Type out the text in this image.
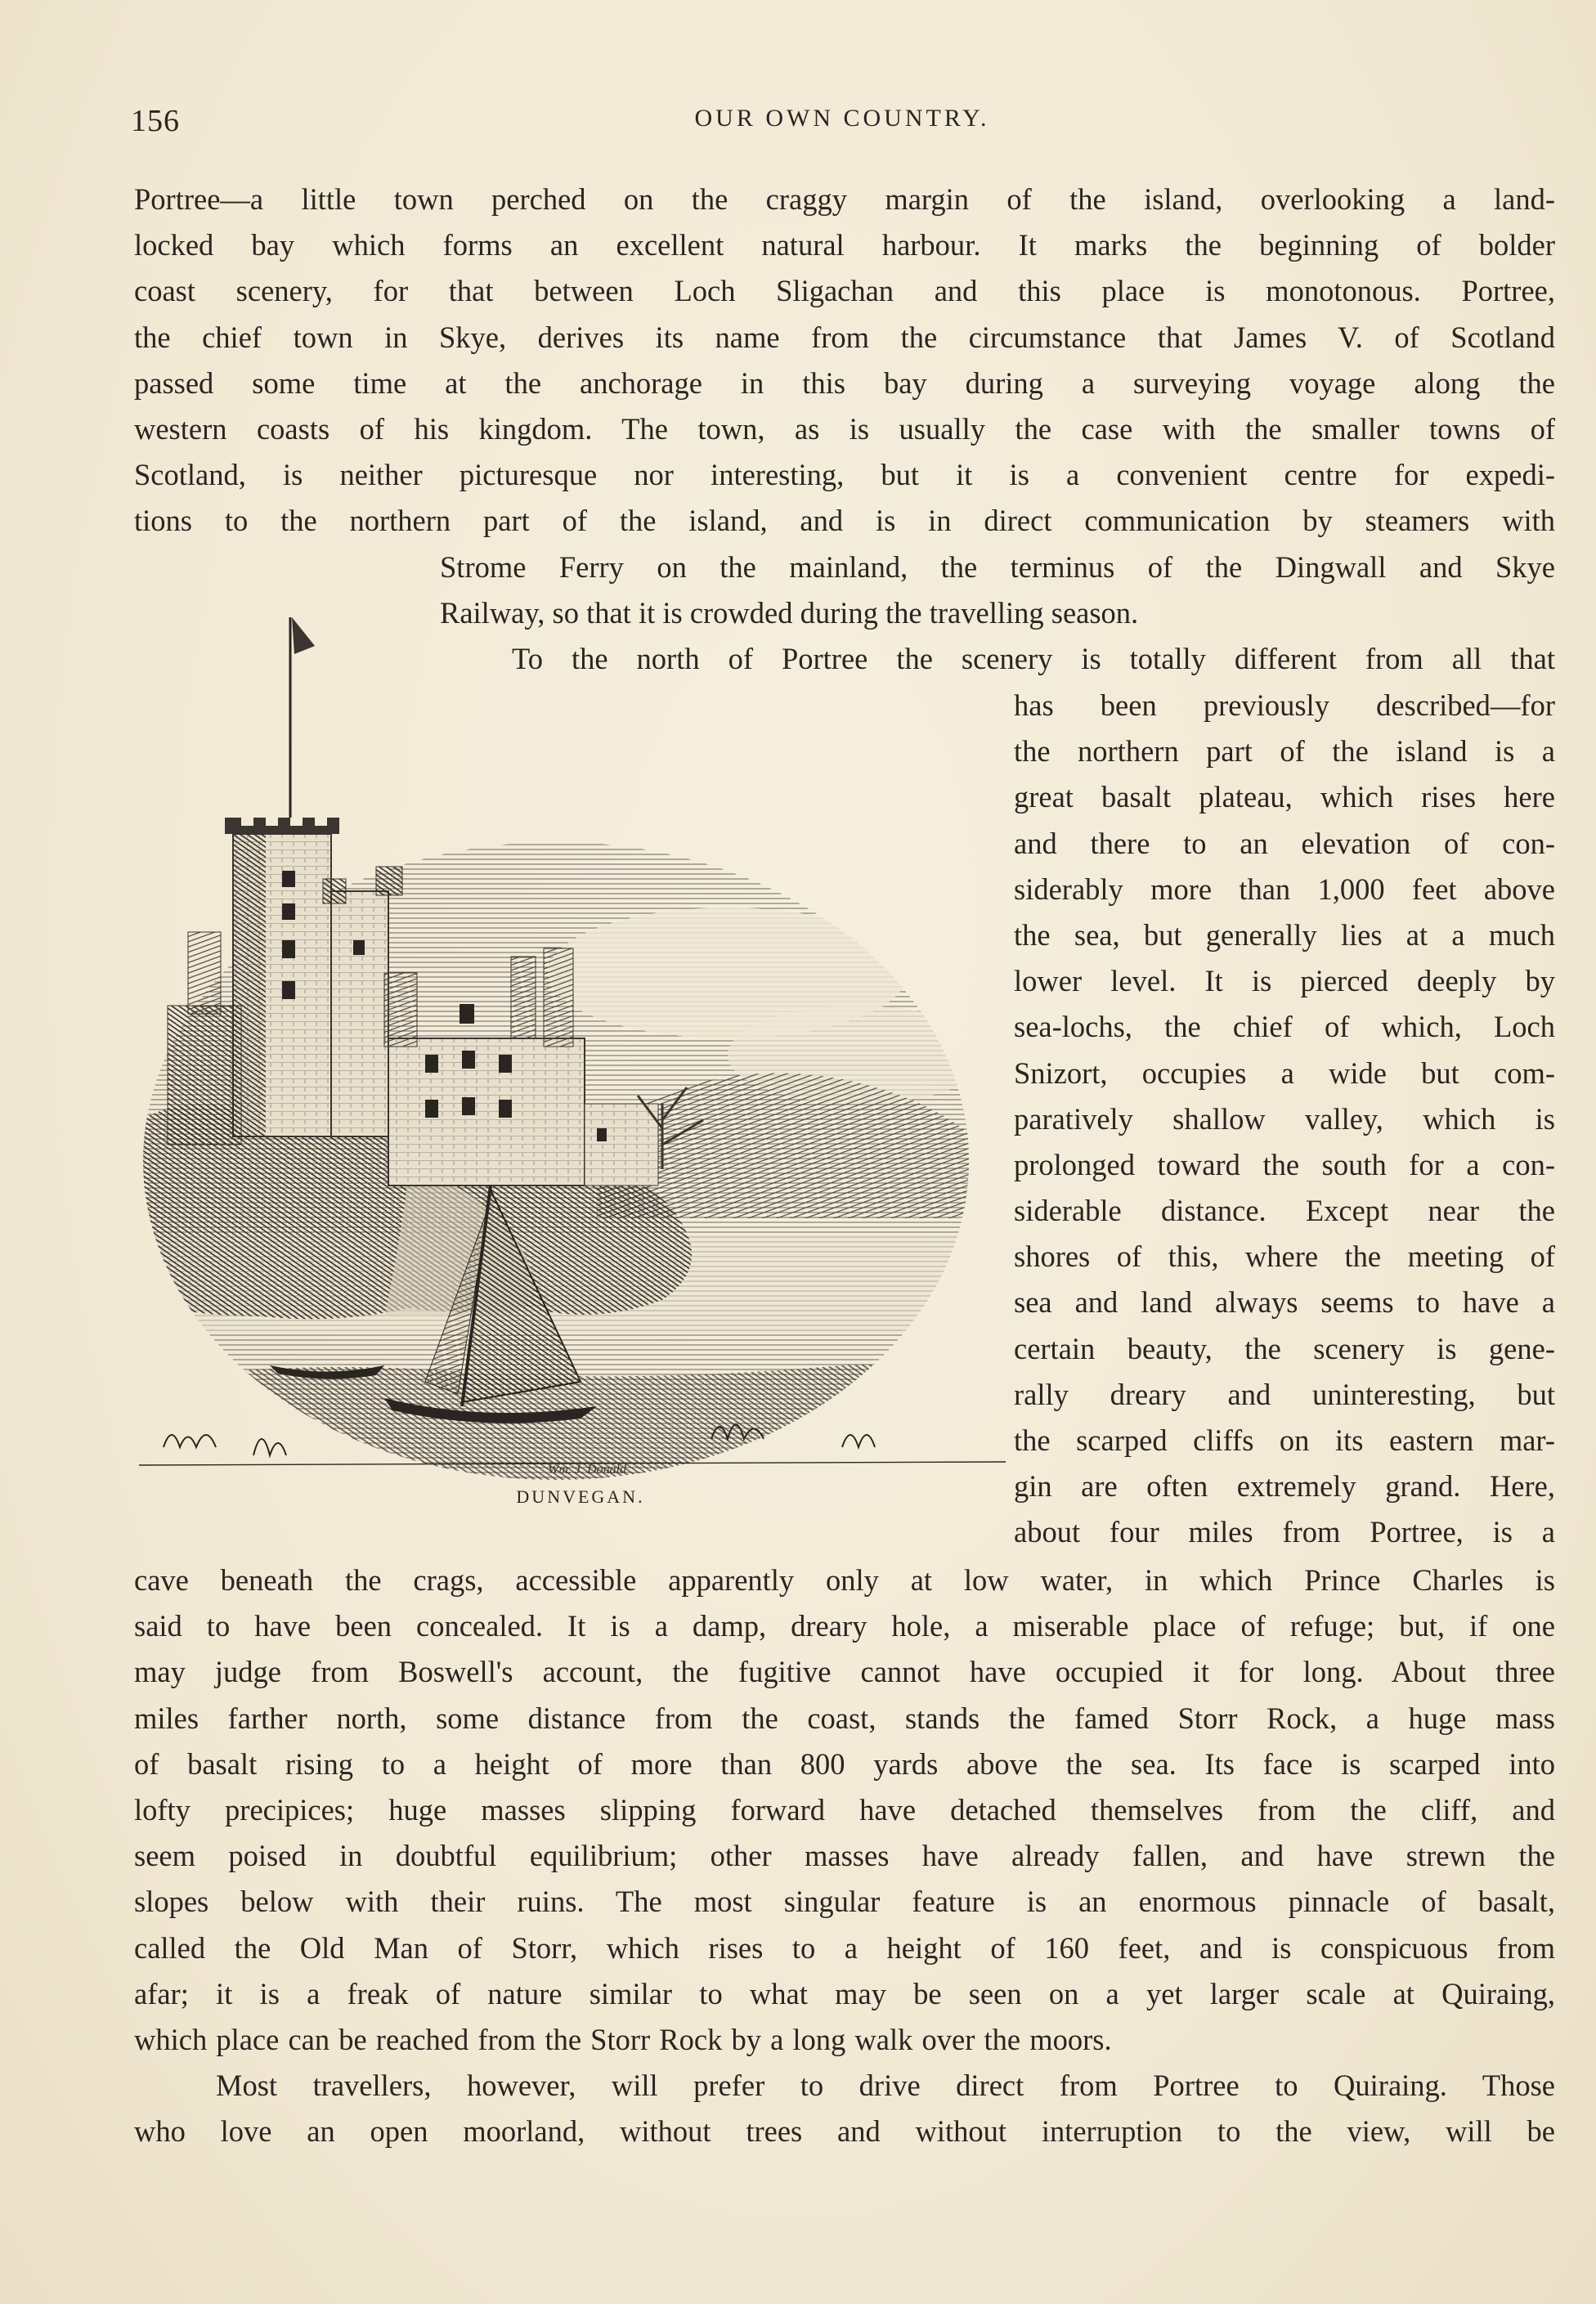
156	OUR OWN COUNTRY.
Portree—a little town perched on the craggy margin of the island, overlooking a land-
locked bay which forms an excellent natural harbour. It marks the beginning of bolder
coast scenery, for that between Loch Sligachan and this place is monotonous. Portree,
the chief town in Skye, derives its name from the circumstance that James V. of Scotland
passed some time at the anchorage in this bay during a surveying voyage along the
western coasts of his kingdom. The town, as is usually the case with the smaller towns of
Scotland, is neither picturesque nor interesting, but it is a convenient centre for expedi-
tions to the northern part of the island, and is in direct communication by steamers with
Strome Ferry on the mainland, the terminus of the Dingwall and Skye
Railway, so that it is crowded during the travelling season.
To the north of Portree the scenery is totally different from all that
has been previously described—for
the northern part of the island is a
great basalt plateau, which rises here
and there to an elevation of con-
siderably more than 1,000 feet above
the sea, but generally lies at a much
lower level. It is pierced deeply by
sea-lochs, the chief of which, Loch
Snizort, occupies a wide but com-
paratively shallow valley, which is
prolonged toward the south for a con-
siderable distance. Except near the
shores of this, where the meeting of
sea and land always seems to have a
certain beauty, the scenery is gene-
rally dreary and uninteresting, but
the scarped cliffs on its eastern mar-
gin are often extremely grand. Here,
about four miles from Portree, is a
Wm. J. Donald
DUNVEGAN.
cave beneath the crags, accessible apparently only at low water, in which Prince Charles is
said to have been concealed. It is a damp, dreary hole, a miserable place of refuge; but, if one
may judge from Boswell's account, the fugitive cannot have occupied it for long. About three
miles farther north, some distance from the coast, stands the famed Storr Rock, a huge mass
of basalt rising to a height of more than 800 yards above the sea. Its face is scarped into
lofty precipices; huge masses slipping forward have detached themselves from the cliff, and
seem poised in doubtful equilibrium; other masses have already fallen, and have strewn the
slopes below with their ruins. The most singular feature is an enormous pinnacle of basalt,
called the Old Man of Storr, which rises to a height of 160 feet, and is conspicuous from
afar; it is a freak of nature similar to what may be seen on a yet larger scale at Quiraing,
which place can be reached from the Storr Rock by a long walk over the moors.
Most travellers, however, will prefer to drive direct from Portree to Quiraing. Those
who love an open moorland, without trees and without interruption to the view, will be
